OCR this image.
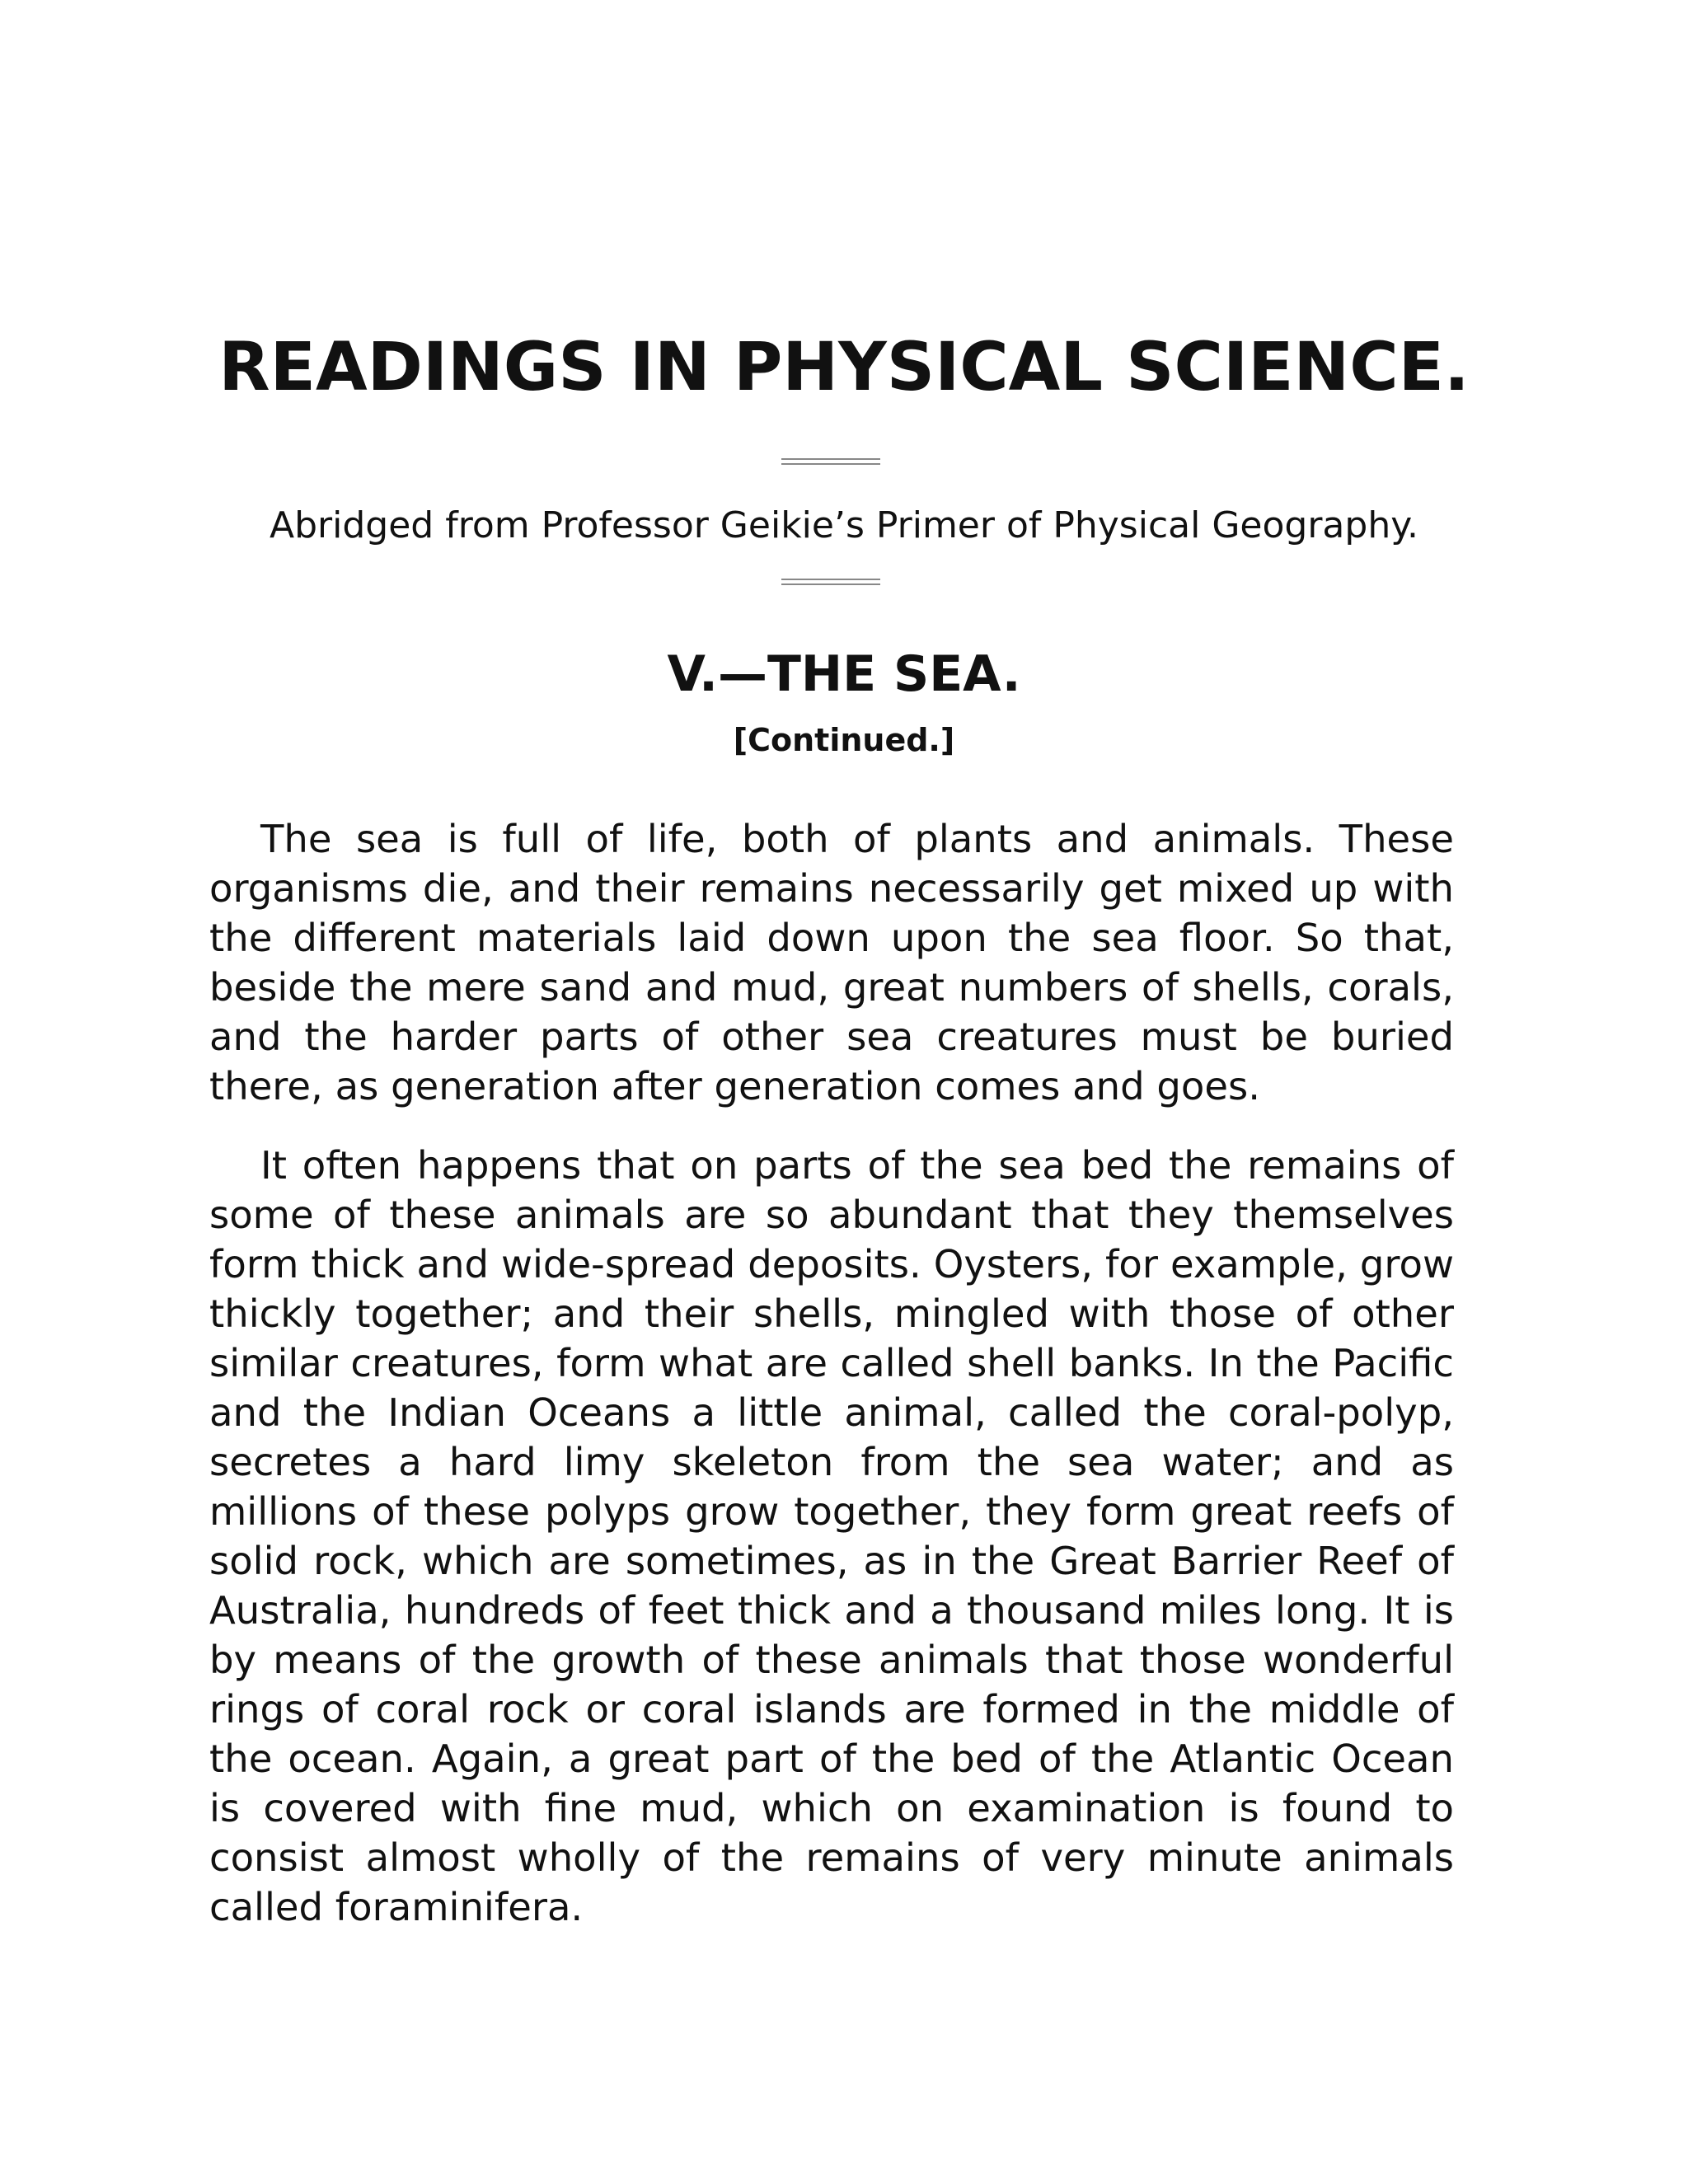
READINGS IN PHYSICAL SCIENCE.

Abridged from Professor Geikie’s Primer of Physical Geography.

V.—THE SEA.

[Continued.]

The sea is full of life, both of plants and animals. These organisms die, and their remains necessarily get mixed up with the different materials laid down upon the sea floor. So that, beside the mere sand and mud, great numbers of shells, corals, and the harder parts of other sea creatures must be buried there, as generation after generation comes and goes.

It often happens that on parts of the sea bed the remains of some of these animals are so abundant that they themselves form thick and wide-spread deposits. Oysters, for example, grow thickly together; and their shells, mingled with those of other similar creatures, form what are called shell banks. In the Pacific and the Indian Oceans a little animal, called the coral-polyp, secretes a hard limy skeleton from the sea water; and as millions of these polyps grow together, they form great reefs of solid rock, which are sometimes, as in the Great Barrier Reef of Australia, hundreds of feet thick and a thousand miles long. It is by means of the growth of these animals that those wonderful rings of coral rock or coral islands are formed in the middle of the ocean. Again, a great part of the bed of the Atlantic Ocean is covered with fine mud, which on examination is found to consist almost wholly of the remains of very minute animals called foraminifera.
